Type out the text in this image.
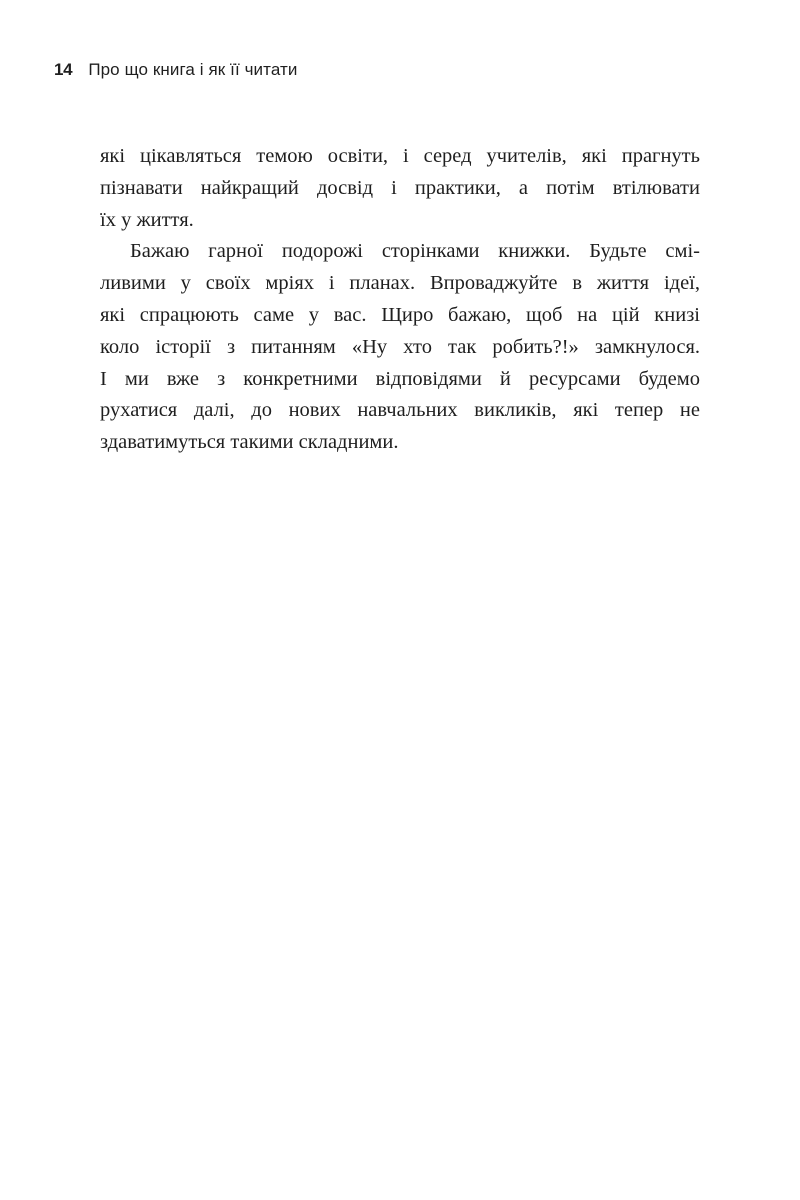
14 Про що книга і як її читати
які цікавляться темою освіти, і серед учителів, які прагнуть
пізнавати найкращий досвід і практики, а потім втілювати
їх у життя.
Бажаю гарної подорожі сторінками книжки. Будьте смі-
ливими у своїх мріях і планах. Впроваджуйте в життя ідеї,
які спрацюють саме у вас. Щиро бажаю, щоб на цій книзі
коло історії з питанням «Ну хто так робить?!» замкнулося.
І ми вже з конкретними відповідями й ресурсами будемо
рухатися далі, до нових навчальних викликів, які тепер не
здаватимуться такими складними.
